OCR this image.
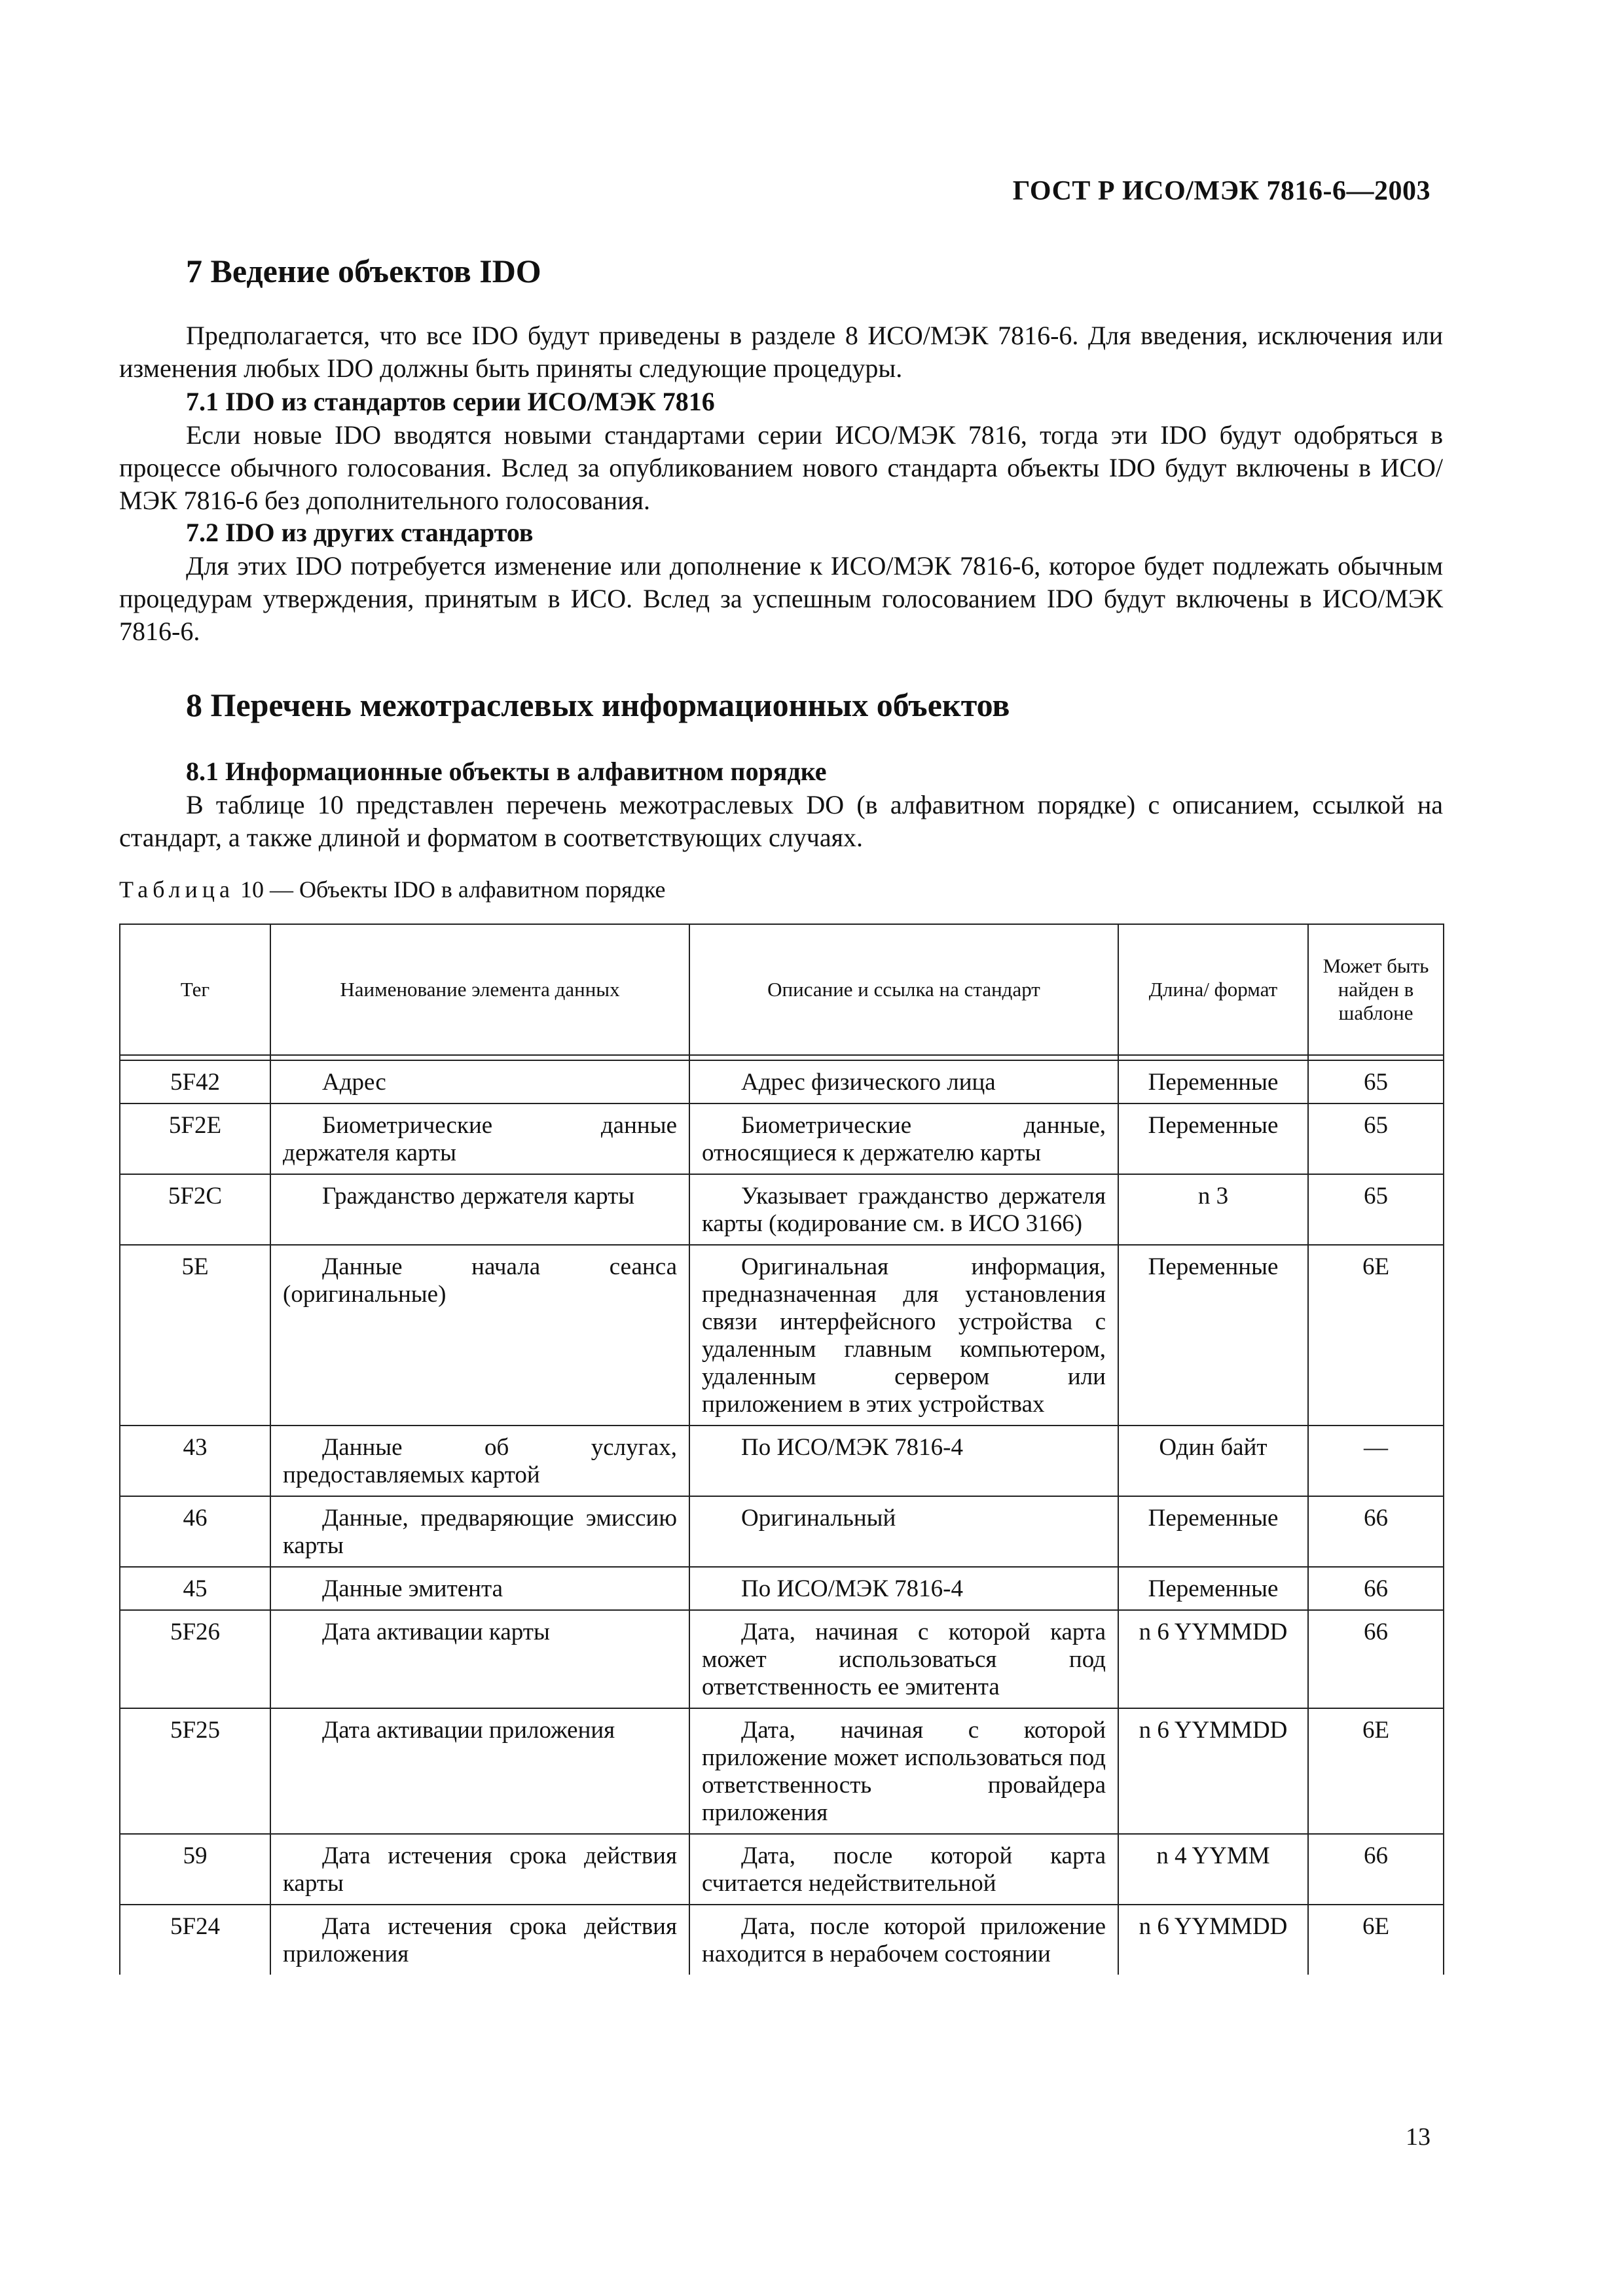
ГОСТ Р ИСО/МЭК 7816-6—2003
7 Ведение объектов IDO
Предполагается, что все IDO будут приведены в разделе 8 ИСО/МЭК 7816-6. Для введения, исключения или изменения любых IDO должны быть приняты следующие процедуры.
7.1 IDO из стандартов серии ИСО/МЭК 7816
Если новые IDO вводятся новыми стандартами серии ИСО/МЭК 7816, тогда эти IDO будут одобряться в процессе обычного голосования. Вслед за опубликованием нового стандарта объекты IDO будут включены в ИСО/МЭК 7816-6 без дополнительного голосования.
7.2 IDO из других стандартов
Для этих IDO потребуется изменение или дополнение к ИСО/МЭК 7816-6, которое будет подлежать обычным процедурам утверждения, принятым в ИСО. Вслед за успешным голосованием IDO будут включены в ИСО/МЭК 7816-6.
8 Перечень межотраслевых информационных объектов
8.1 Информационные объекты в алфавитном порядке
В таблице 10 представлен перечень межотраслевых DO (в алфавитном порядке) с описанием, ссылкой на стандарт, а также длиной и форматом в соответствующих случаях.
Таблица 10 — Объекты IDO в алфавитном порядке
Тег	Наименование элемента данных	Описание и ссылка на стандарт	Длина/ формат	Может быть найден в шаблоне

5F42	Адрес	Адрес физического лица	Переменные	65
5F2E	Биометрические данные держателя карты	Биометрические данные, относящиеся к держателю карты	Переменные	65
5F2C	Гражданство держателя карты	Указывает гражданство держателя карты (кодирование см. в ИСО 3166)	n 3	65
5E	Данные начала сеанса (оригинальные)	Оригинальная информация, предназначенная для установления связи интерфейсного устройства с удаленным главным компьютером, удаленным сервером или приложением в этих устройствах	Переменные	6E
43	Данные об услугах, предоставляемых картой	По ИСО/МЭК 7816-4	Один байт	—
46	Данные, предваряющие эмиссию карты	Оригинальный	Переменные	66
45	Данные эмитента	По ИСО/МЭК 7816-4	Переменные	66
5F26	Дата активации карты	Дата, начиная с которой карта может использоваться под ответственность ее эмитента	n 6 YYMMDD	66
5F25	Дата активации приложения	Дата, начиная с которой приложение может использоваться под ответственность провайдера приложения	n 6 YYMMDD	6E
59	Дата истечения срока действия карты	Дата, после которой карта считается недействительной	n 4 YYMM	66
5F24	Дата истечения срока действия приложения	Дата, после которой приложение находится в нерабочем состоянии	n 6 YYMMDD	6E
13
